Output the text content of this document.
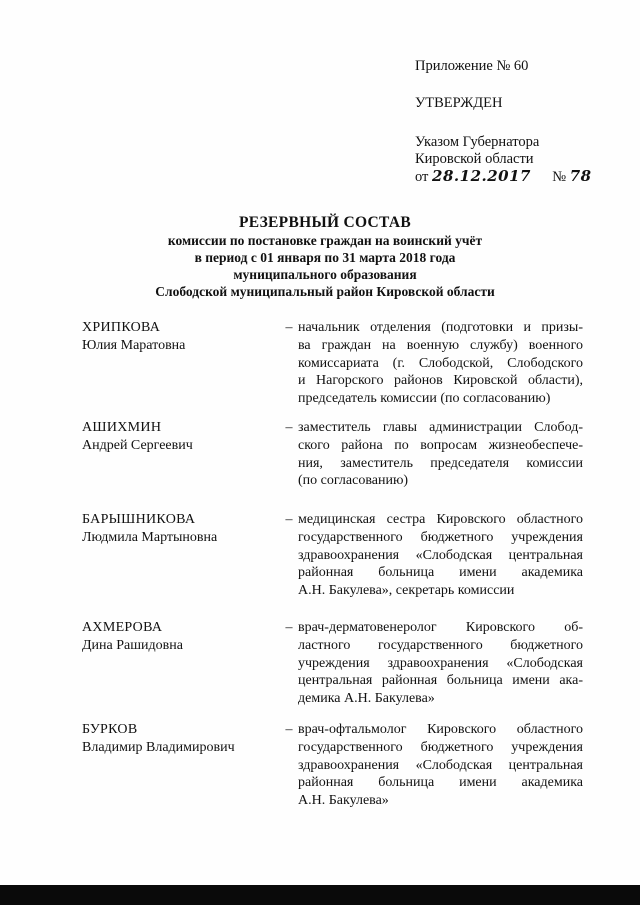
Приложение № 60
УТВЕРЖДЕН
Указом Губернатора
Кировской области
от 28.12.2017 № 78
РЕЗЕРВНЫЙ СОСТАВ
комиссии по постановке граждан на воинский учёт
в период с 01 января по 31 марта 2018 года
муниципального образования
Слободской муниципальный район Кировской области
ХРИПКОВА
Юлия Маратовна
– начальник отделения (подготовки и призы-
ва граждан на военную службу) военного
комиссариата (г. Слободской, Слободского
и Нагорского районов Кировской области),
председатель комиссии (по согласованию)
АШИХМИН
Андрей Сергеевич
– заместитель главы администрации Слобод-
ского района по вопросам жизнеобеспече-
ния, заместитель председателя комиссии
(по согласованию)
БАРЫШНИКОВА
Людмила Мартыновна
– медицинская сестра Кировского областного
государственного бюджетного учреждения
здравоохранения «Слободская центральная
районная больница имени академика
А.Н. Бакулева», секретарь комиссии
АХМЕРОВА
Дина Рашидовна
– врач-дерматовенеролог Кировского об-
ластного государственного бюджетного
учреждения здравоохранения «Слободская
центральная районная больница имени ака-
демика А.Н. Бакулева»
БУРКОВ
Владимир Владимирович
– врач-офтальмолог Кировского областного
государственного бюджетного учреждения
здравоохранения «Слободская центральная
районная больница имени академика
А.Н. Бакулева»
